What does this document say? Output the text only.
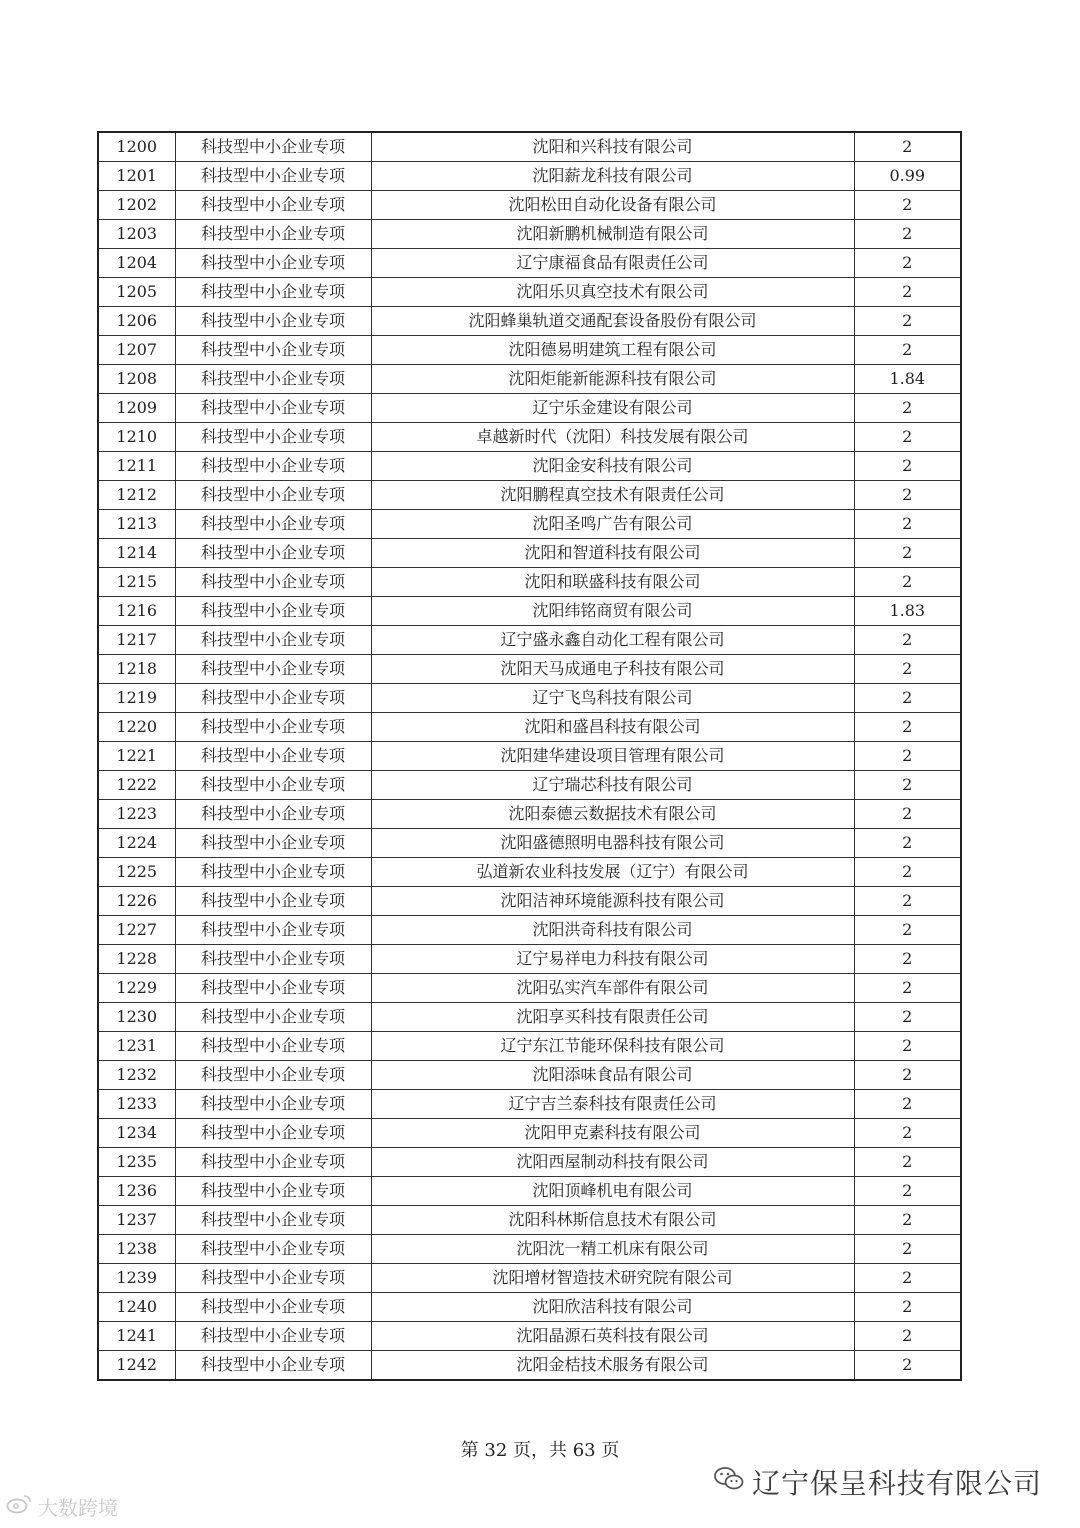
1200	科技型中小企业专项	沈阳和兴科技有限公司	2
1201	科技型中小企业专项	沈阳薪龙科技有限公司	0.99
1202	科技型中小企业专项	沈阳松田自动化设备有限公司	2
1203	科技型中小企业专项	沈阳新鹏机械制造有限公司	2
1204	科技型中小企业专项	辽宁康福食品有限责任公司	2
1205	科技型中小企业专项	沈阳乐贝真空技术有限公司	2
1206	科技型中小企业专项	沈阳蜂巢轨道交通配套设备股份有限公司	2
1207	科技型中小企业专项	沈阳德易明建筑工程有限公司	2
1208	科技型中小企业专项	沈阳炬能新能源科技有限公司	1.84
1209	科技型中小企业专项	辽宁乐金建设有限公司	2
1210	科技型中小企业专项	卓越新时代（沈阳）科技发展有限公司	2
1211	科技型中小企业专项	沈阳金安科技有限公司	2
1212	科技型中小企业专项	沈阳鹏程真空技术有限责任公司	2
1213	科技型中小企业专项	沈阳圣鸣广告有限公司	2
1214	科技型中小企业专项	沈阳和智道科技有限公司	2
1215	科技型中小企业专项	沈阳和联盛科技有限公司	2
1216	科技型中小企业专项	沈阳纬铭商贸有限公司	1.83
1217	科技型中小企业专项	辽宁盛永鑫自动化工程有限公司	2
1218	科技型中小企业专项	沈阳天马成通电子科技有限公司	2
1219	科技型中小企业专项	辽宁飞鸟科技有限公司	2
1220	科技型中小企业专项	沈阳和盛昌科技有限公司	2
1221	科技型中小企业专项	沈阳建华建设项目管理有限公司	2
1222	科技型中小企业专项	辽宁瑞芯科技有限公司	2
1223	科技型中小企业专项	沈阳泰德云数据技术有限公司	2
1224	科技型中小企业专项	沈阳盛德照明电器科技有限公司	2
1225	科技型中小企业专项	弘道新农业科技发展（辽宁）有限公司	2
1226	科技型中小企业专项	沈阳洁神环境能源科技有限公司	2
1227	科技型中小企业专项	沈阳洪奇科技有限公司	2
1228	科技型中小企业专项	辽宁易祥电力科技有限公司	2
1229	科技型中小企业专项	沈阳弘实汽车部件有限公司	2
1230	科技型中小企业专项	沈阳享买科技有限责任公司	2
1231	科技型中小企业专项	辽宁东江节能环保科技有限公司	2
1232	科技型中小企业专项	沈阳添味食品有限公司	2
1233	科技型中小企业专项	辽宁吉兰泰科技有限责任公司	2
1234	科技型中小企业专项	沈阳甲克素科技有限公司	2
1235	科技型中小企业专项	沈阳西屋制动科技有限公司	2
1236	科技型中小企业专项	沈阳顶峰机电有限公司	2
1237	科技型中小企业专项	沈阳科林斯信息技术有限公司	2
1238	科技型中小企业专项	沈阳沈一精工机床有限公司	2
1239	科技型中小企业专项	沈阳增材智造技术研究院有限公司	2
1240	科技型中小企业专项	沈阳欣洁科技有限公司	2
1241	科技型中小企业专项	沈阳晶源石英科技有限公司	2
1242	科技型中小企业专项	沈阳金桔技术服务有限公司	2
第 32 页，共 63 页
辽宁保呈科技有限公司
大数跨境
